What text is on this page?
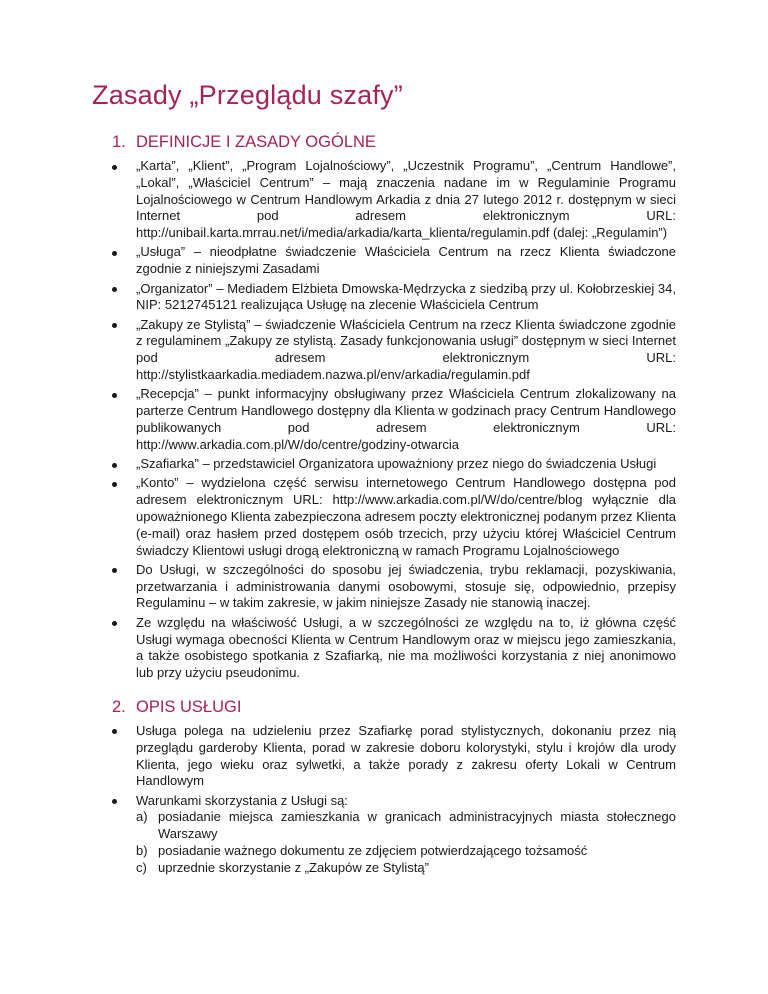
Zasady „Przeglądu szafy”
1. DEFINICJE I ZASADY OGÓLNE
„Karta”, „Klient”, „Program Lojalnościowy”, „Uczestnik Programu”, „Centrum Handlowe”, „Lokal”, „Właściciel Centrum” – mają znaczenia nadane im w Regulaminie Programu Lojalnościowego w Centrum Handlowym Arkadia z dnia 27 lutego 2012 r. dostępnym w sieci Internet pod adresem elektronicznym URL: http://unibail.karta.mrrau.net/i/media/arkadia/karta_klienta/regulamin.pdf (dalej: „Regulamin”)
„Usługa” – nieodpłatne świadczenie Właściciela Centrum na rzecz Klienta świadczone zgodnie z niniejszymi Zasadami
„Organizator” – Mediadem Elżbieta Dmowska-Mędrzycka z siedzibą przy ul. Kołobrzeskiej 34, NIP: 5212745121 realizująca Usługę na zlecenie Właściciela Centrum
„Zakupy ze Stylistą” – świadczenie Właściciela Centrum na rzecz Klienta świadczone zgodnie z regulaminem „Zakupy ze stylistą. Zasady funkcjonowania usługi” dostępnym w sieci Internet pod adresem elektronicznym URL: http://stylistkaarkadia.mediadem.nazwa.pl/env/arkadia/regulamin.pdf
„Recepcja” – punkt informacyjny obsługiwany przez Właściciela Centrum zlokalizowany na parterze Centrum Handlowego dostępny dla Klienta w godzinach pracy Centrum Handlowego publikowanych pod adresem elektronicznym URL: http://www.arkadia.com.pl/W/do/centre/godziny-otwarcia
„Szafiarka” – przedstawiciel Organizatora upoważniony przez niego do świadczenia Usługi
„Konto” – wydzielona część serwisu internetowego Centrum Handlowego dostępna pod adresem elektronicznym URL: http://www.arkadia.com.pl/W/do/centre/blog wyłącznie dla upoważnionego Klienta zabezpieczona adresem poczty elektronicznej podanym przez Klienta (e-mail) oraz hasłem przed dostępem osób trzecich, przy użyciu której Właściciel Centrum świadczy Klientowi usługi drogą elektroniczną w ramach Programu Lojalnościowego
Do Usługi, w szczególności do sposobu jej świadczenia, trybu reklamacji, pozyskiwania, przetwarzania i administrowania danymi osobowymi, stosuje się, odpowiednio, przepisy Regulaminu – w takim zakresie, w jakim niniejsze Zasady nie stanowią inaczej.
Ze względu na właściwość Usługi, a w szczególności ze względu na to, iż główna część Usługi wymaga obecności Klienta w Centrum Handlowym oraz w miejscu jego zamieszkania, a także osobistego spotkania z Szafiarką, nie ma możliwości korzystania z niej anonimowo lub przy użyciu pseudonimu.
2. OPIS USŁUGI
Usługa polega na udzieleniu przez Szafiarkę porad stylistycznych, dokonaniu przez nią przeglądu garderoby Klienta, porad w zakresie doboru kolorystyki, stylu i krojów dla urody Klienta, jego wieku oraz sylwetki, a także porady z zakresu oferty Lokali w Centrum Handlowym
Warunkami skorzystania z Usługi są:
a) posiadanie miejsca zamieszkania w granicach administracyjnych miasta stołecznego Warszawy
b) posiadanie ważnego dokumentu ze zdjęciem potwierdzającego tożsamość
c) uprzednie skorzystanie z „Zakupów ze Stylistą”
